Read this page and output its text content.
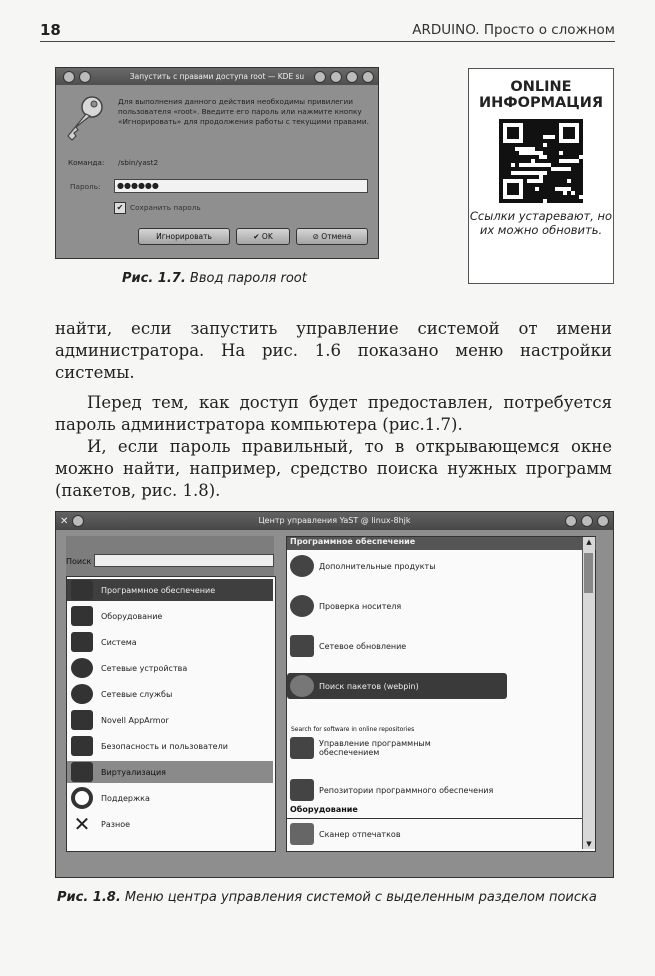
18	ARDUINO. Просто о сложном
Запустить с правами доступа root — KDE su
Для выполнения данного действия необходимы привилегии пользователя «root». Введите его пароль или нажмите кнопку «Игнорировать» для продолжения работы с текущими правами.
Команда: /sbin/yast2
Пароль:	●●●●●●
✔ Сохранить пароль
Игнорировать	✔ OK	⊘ Отмена
Рис. 1.7. Ввод пароля root
ONLINE
ИНФОРМАЦИЯ
Ссылки устаревают, но их можно обновить.

найти, если запустить управление системой от имени администратора. На рис. 1.6 показано меню настройки системы.

Перед тем, как доступ будет предоставлен, потребуется пароль администратора компьютера (рис.1.7).

И, если пароль правильный, то в открывающемся окне можно найти, например, средство поиска нужных программ (пакетов, рис. 1.8).

✕	Центр управления YaST @ linux-8hjk
Поиск
Программное обеспечение
Оборудование
Система
Сетевые устройства
Сетевые службы
Novell AppArmor
Безопасность и пользователи
Виртуализация
Поддержка
✕	Разное
Программное обеспечение
Дополнительные продукты
Проверка носителя
Сетевое обновление
Поиск пакетов (webpin)
Search for software in online repositories
Управление программным обеспечением
Репозитории программного обеспечения
Оборудование
Сканер отпечатков
▲
▼
Рис. 1.8. Меню центра управления системой с выделенным разделом поиска
